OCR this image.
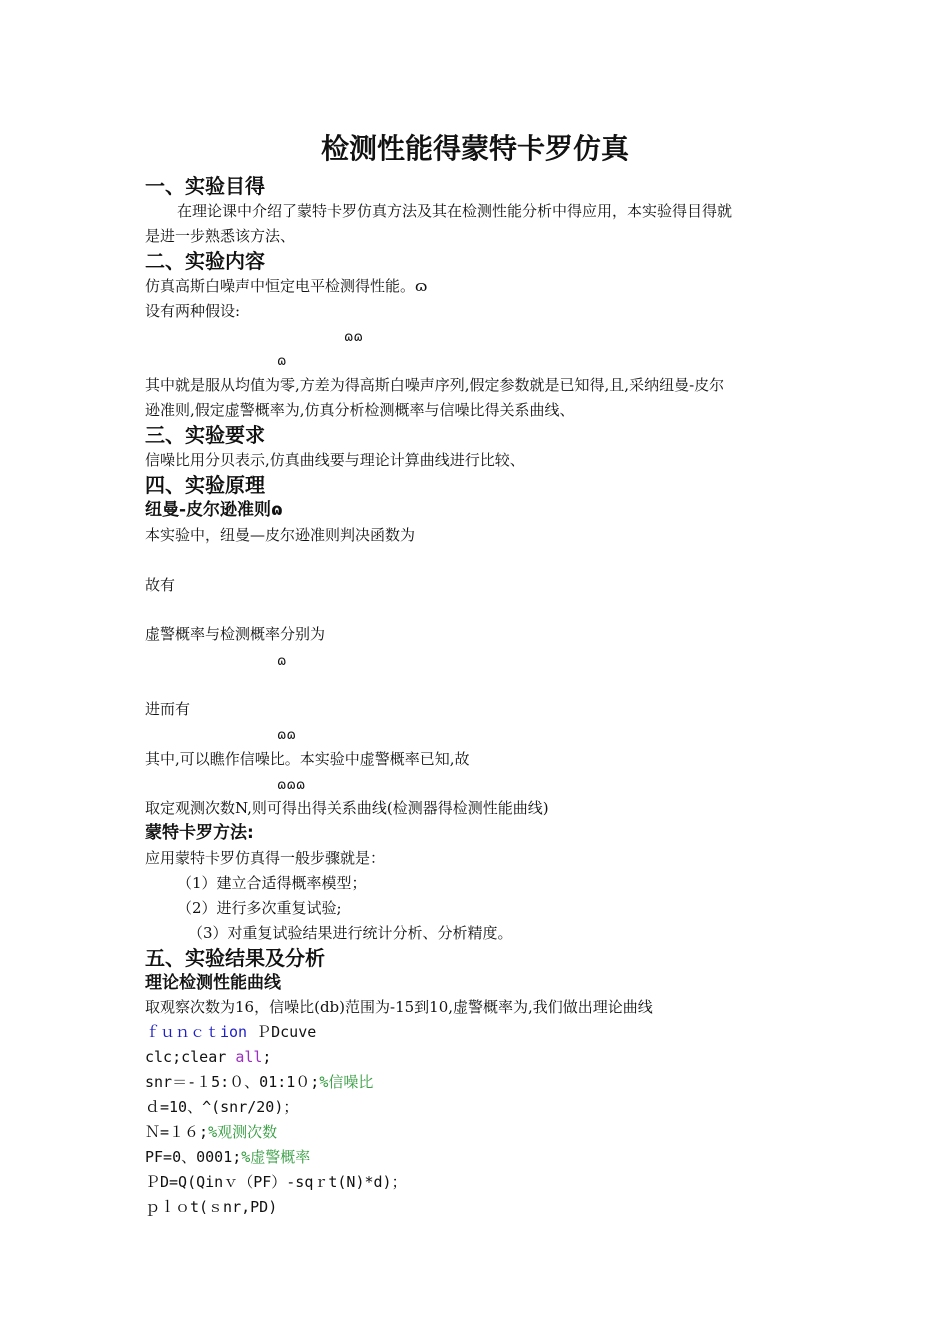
检测性能得蒙特卡罗仿真
一、实验目得
在理论课中介绍了蒙特卡罗仿真方法及其在检测性能分析中得应用，本实验得目得就
是进一步熟悉该方法、
二、实验内容
仿真高斯白噪声中恒定电平检测得性能。ɷ
设有两种假设:
ɷɷ
ɷ
其中就是服从均值为零,方差为得高斯白噪声序列,假定参数就是已知得,且,采纳纽曼-皮尔
逊准则,假定虚警概率为,仿真分析检测概率与信噪比得关系曲线、
三、实验要求
信噪比用分贝表示,仿真曲线要与理论计算曲线进行比较、
四、实验原理
纽曼-皮尔逊准则ɷ
本实验中，纽曼—皮尔逊准则判决函数为
故有
虚警概率与检测概率分别为
ɷ
进而有
ɷɷ
其中,可以瞧作信噪比。本实验中虚警概率已知,故
ɷɷɷ
取定观测次数N,则可得出得关系曲线(检测器得检测性能曲线)
蒙特卡罗方法:
应用蒙特卡罗仿真得一般步骤就是：
（1）建立合适得概率模型；
（2）进行多次重复试验;
（3）对重复试验结果进行统计分析、分析精度。
五、实验结果及分析
理论检测性能曲线
取观察次数为16，信噪比(db)范围为-15到10,虚警概率为,我们做出理论曲线
ｆｕｎｃｔion ＰDcuve
clc;clear all;
snr＝-１5:０、01:1０;%信噪比
ｄ=10、^(snr/20)；
Ｎ=１６;%观测次数
PF=0、0001;%虚警概率
ＰD=Q(Qinｖ（PF）-sqｒt(N)*d)；
ｐｌｏt(ｓnr,PD)
